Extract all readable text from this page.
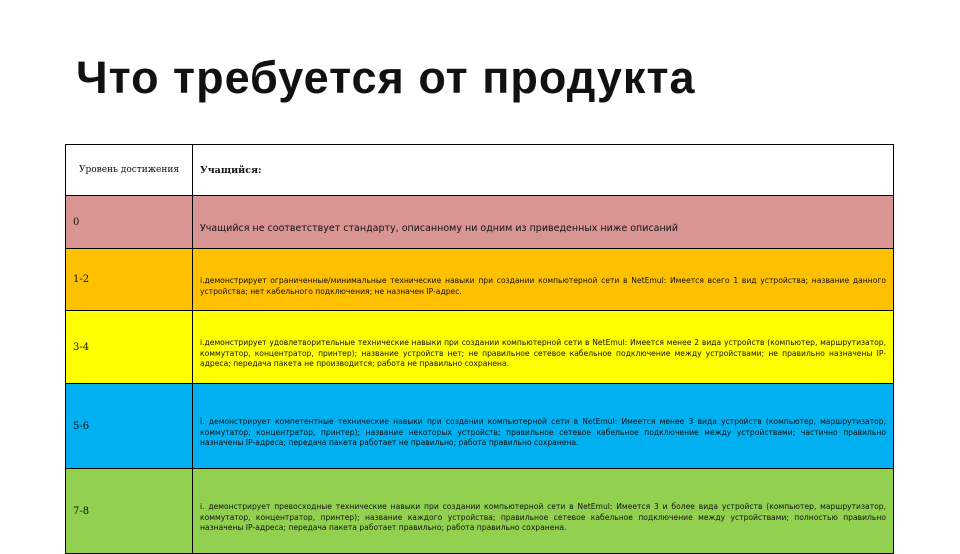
Что требуется от продукта
Уровень достижения	Учащийся:
0	Учащийся не соответствует стандарту, описанному ни одним из приведенных ниже описаний
1-2	i.демонстрирует ограниченные/минимальные технические навыки при создании компьютерной сети в NetEmul: Имеется всего 1 вид устройства; название данного устройства; нет кабельного подключения; не назначен IP-адрес.
3-4	i.демонстрирует удовлетворительные технические навыки при создании компьютерной сети в NetEmul: Имеется менее 2 вида устройств (компьютер, маршрутизатор, коммутатор, концентратор, принтер); название устройств нет; не правильное сетевое кабельное подключение между устройствами; не правильно назначены IP-адреса; передача пакета не производится; работа не правильно сохранена.
5-6	i. демонстрирует компетентные технические навыки при создании компьютерной сети в NetEmul: Имеется менее 3 вида устройств (компьютер, маршрутизатор, коммутатор, концентратор, принтер); название некоторых устройств; правильное сетевое кабельное подключение между устройствами; частично правильно назначены IP-адреса; передача пакета работает не правильно; работа правильно сохранена.
7-8	i. демонстрирует превосходные технические навыки при создании компьютерной сети в NetEmul: Имеется 3 и более вида устройств (компьютер, маршрутизатор, коммутатор, концентратор, принтер); название каждого устройства; правильное сетевое кабельное подключение между устройствами; полностью правильно назначены IP-адреса; передача пакета работает правильно; работа правильно сохранена.
